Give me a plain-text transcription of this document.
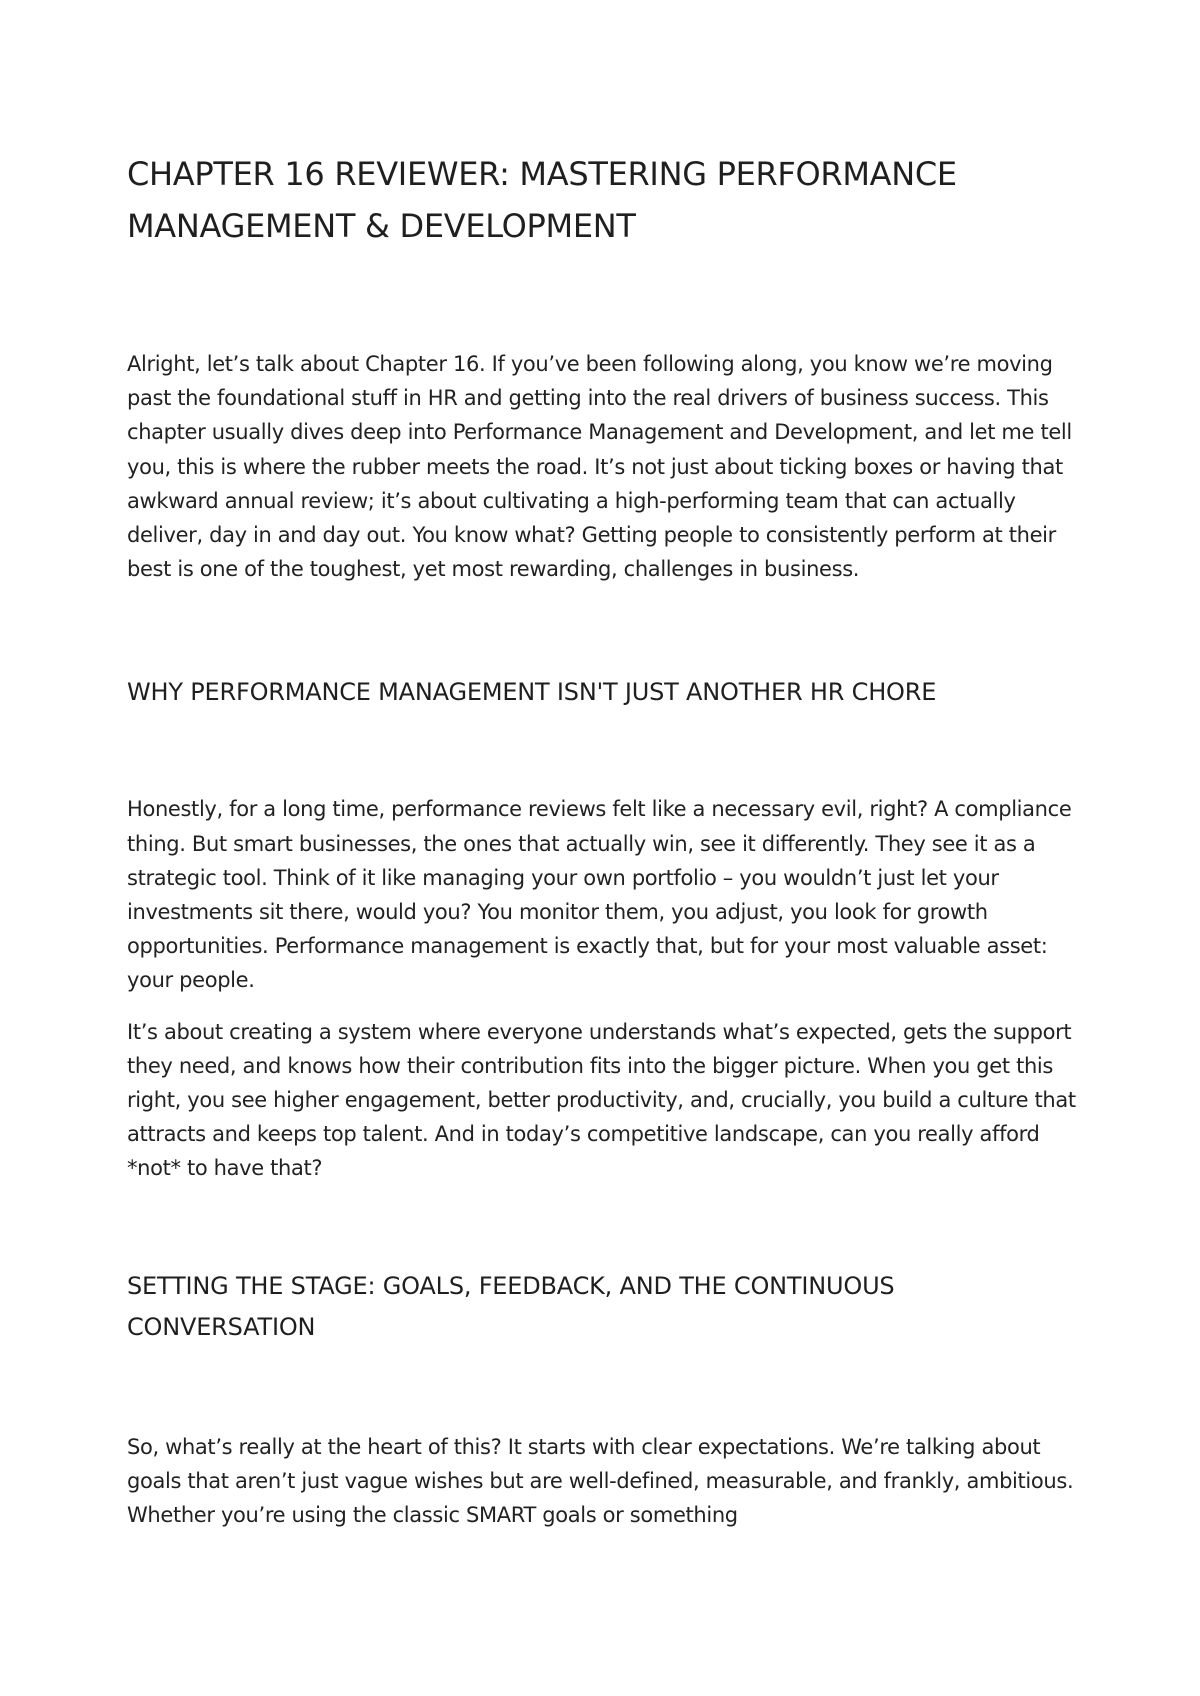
CHAPTER 16 REVIEWER: MASTERING PERFORMANCE MANAGEMENT & DEVELOPMENT

Alright, let’s talk about Chapter 16. If you’ve been following along, you know we’re moving past the foundational stuff in HR and getting into the real drivers of business success. This chapter usually dives deep into Performance Management and Development, and let me tell you, this is where the rubber meets the road. It’s not just about ticking boxes or having that awkward annual review; it’s about cultivating a high-performing team that can actually deliver, day in and day out. You know what? Getting people to consistently perform at their best is one of the toughest, yet most rewarding, challenges in business.

WHY PERFORMANCE MANAGEMENT ISN'T JUST ANOTHER HR CHORE

Honestly, for a long time, performance reviews felt like a necessary evil, right? A compliance thing. But smart businesses, the ones that actually win, see it differently. They see it as a strategic tool. Think of it like managing your own portfolio – you wouldn’t just let your investments sit there, would you? You monitor them, you adjust, you look for growth opportunities. Performance management is exactly that, but for your most valuable asset: your people.

It’s about creating a system where everyone understands what’s expected, gets the support they need, and knows how their contribution fits into the bigger picture. When you get this right, you see higher engagement, better productivity, and, crucially, you build a culture that attracts and keeps top talent. And in today’s competitive landscape, can you really afford *not* to have that?

SETTING THE STAGE: GOALS, FEEDBACK, AND THE CONTINUOUS CONVERSATION

So, what’s really at the heart of this? It starts with clear expectations. We’re talking about goals that aren’t just vague wishes but are well-defined, measurable, and frankly, ambitious. Whether you’re using the classic SMART goals or something
